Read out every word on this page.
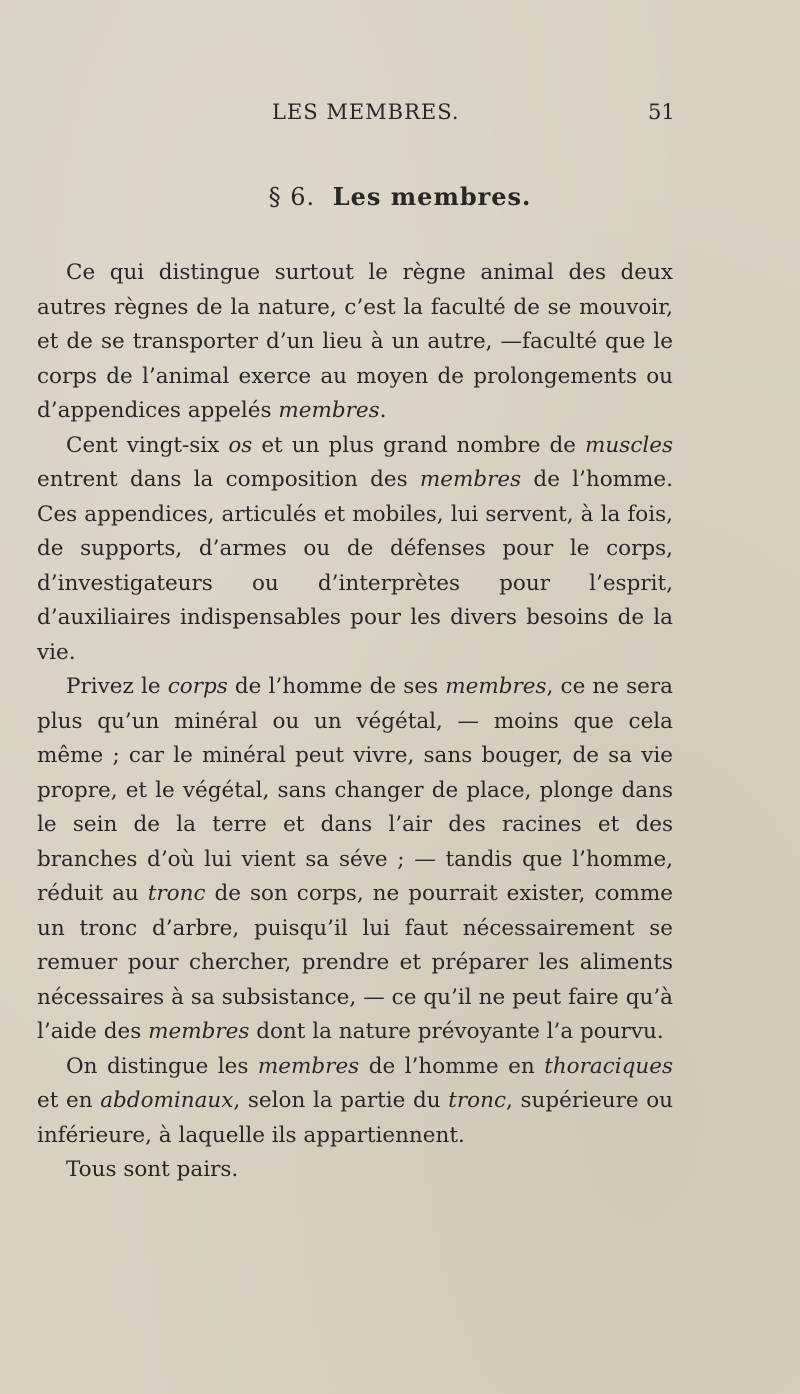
LES MEMBRES.	51
§ 6. Les membres.

Ce qui distingue surtout le règne animal des deux autres règnes de la nature, c’est la faculté de se mouvoir, et de se transporter d’un lieu à un autre, —faculté que le corps de l’animal exerce au moyen de prolongements ou d’appendices appelés membres.

Cent vingt-six os et un plus grand nombre de muscles entrent dans la composition des membres de l’homme. Ces appendices, articulés et mobiles, lui servent, à la fois, de supports, d’armes ou de défenses pour le corps, d’investigateurs ou d’interprètes pour l’esprit, d’auxiliaires indispensables pour les divers besoins de la vie.

Privez le corps de l’homme de ses membres, ce ne sera plus qu’un minéral ou un végétal, — moins que cela même ; car le minéral peut vivre, sans bouger, de sa vie propre, et le végétal, sans changer de place, plonge dans le sein de la terre et dans l’air des racines et des branches d’où lui vient sa séve ; — tandis que l’homme, réduit au tronc de son corps, ne pourrait exister, comme un tronc d’arbre, puisqu’il lui faut nécessairement se remuer pour chercher, prendre et préparer les aliments nécessaires à sa subsistance, — ce qu’il ne peut faire qu’à l’aide des membres dont la nature prévoyante l’a pourvu.

On distingue les membres de l’homme en thoraciques et en abdominaux, selon la partie du tronc, supérieure ou inférieure, à laquelle ils appartiennent.

Tous sont pairs.
